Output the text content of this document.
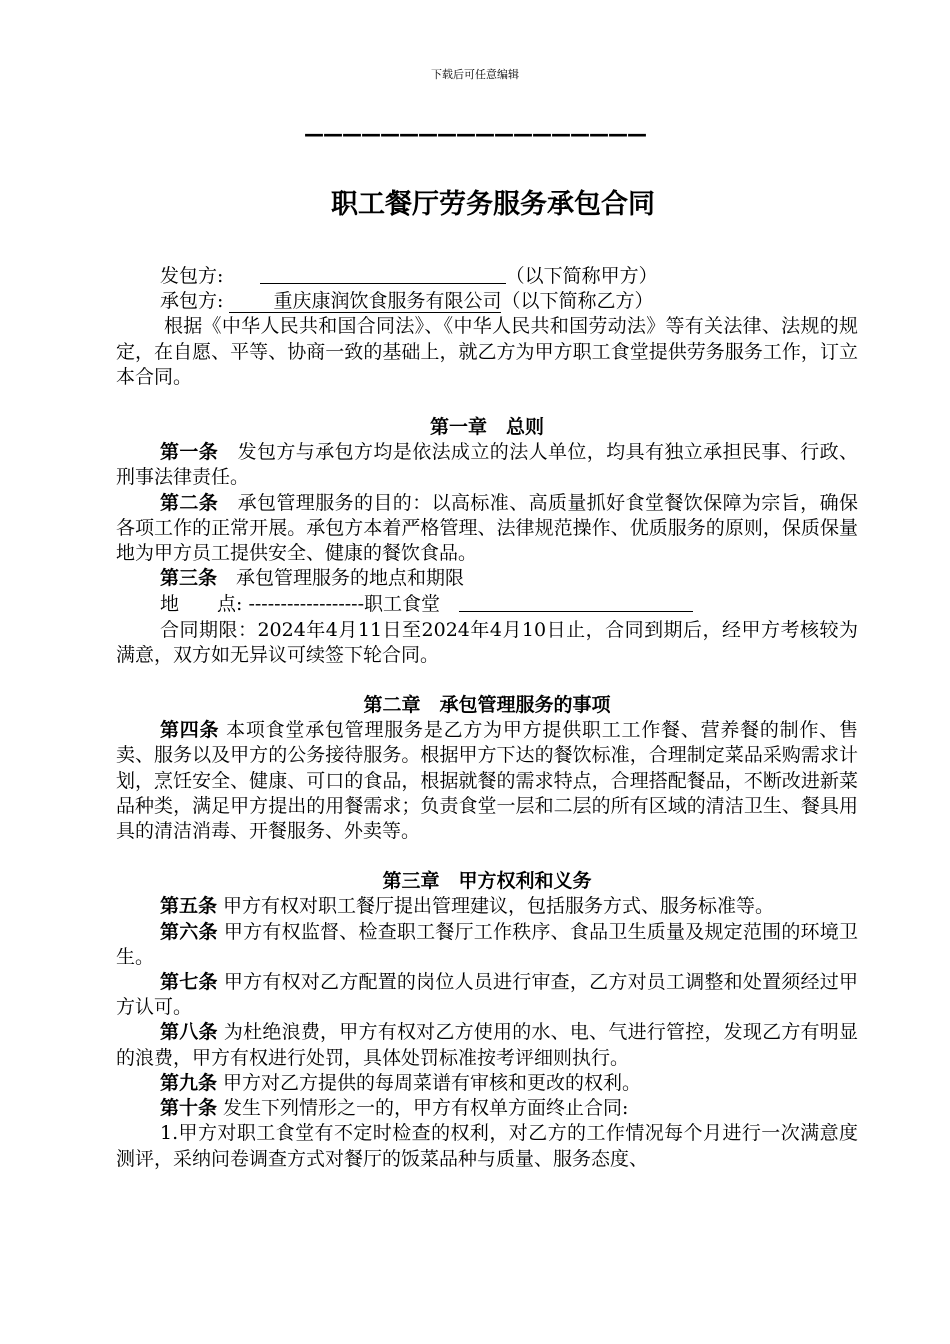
下载后可任意编辑
——————————————————
职工餐厅劳务服务承包合同
发包方:	（以下简称甲方）
承包方:	重庆康润饮食服务有限公司（以下简称乙方）
根据《中华人民共和国合同法》、《中华人民共和国劳动法》等有关法律、法规的规定，在自愿、平等、协商一致的基础上，就乙方为甲方职工食堂提供劳务服务工作，订立本合同。
第一章　总则
第一条　发包方与承包方均是依法成立的法人单位，均具有独立承担民事、行政、刑事法律责任。
第二条　承包管理服务的目的：以高标准、高质量抓好食堂餐饮保障为宗旨，确保各项工作的正常开展。承包方本着严格管理、法律规范操作、优质服务的原则，保质保量地为甲方员工提供安全、健康的餐饮食品。
第三条　承包管理服务的地点和期限
地　　点: ------------------职工食堂　
合同期限：2024年4月11日至2024年4月10日止，合同到期后，经甲方考核较为满意，双方如无异议可续签下轮合同。
第二章　承包管理服务的事项
第四条 本项食堂承包管理服务是乙方为甲方提供职工工作餐、营养餐的制作、售卖、服务以及甲方的公务接待服务。根据甲方下达的餐饮标准，合理制定菜品采购需求计划，烹饪安全、健康、可口的食品，根据就餐的需求特点，合理搭配餐品，不断改进新菜品种类，满足甲方提出的用餐需求；负责食堂一层和二层的所有区域的清洁卫生、餐具用具的清洁消毒、开餐服务、外卖等。
第三章　甲方权利和义务
第五条 甲方有权对职工餐厅提出管理建议，包括服务方式、服务标准等。
第六条 甲方有权监督、检查职工餐厅工作秩序、食品卫生质量及规定范围的环境卫生。
第七条 甲方有权对乙方配置的岗位人员进行审查，乙方对员工调整和处置须经过甲方认可。
第八条 为杜绝浪费，甲方有权对乙方使用的水、电、气进行管控，发现乙方有明显的浪费，甲方有权进行处罚，具体处罚标准按考评细则执行。
第九条 甲方对乙方提供的每周菜谱有审核和更改的权利。
第十条 发生下列情形之一的，甲方有权单方面终止合同:
1.甲方对职工食堂有不定时检查的权利，对乙方的工作情况每个月进行一次满意度测评，采纳问卷调查方式对餐厅的饭菜品种与质量、服务态度、
